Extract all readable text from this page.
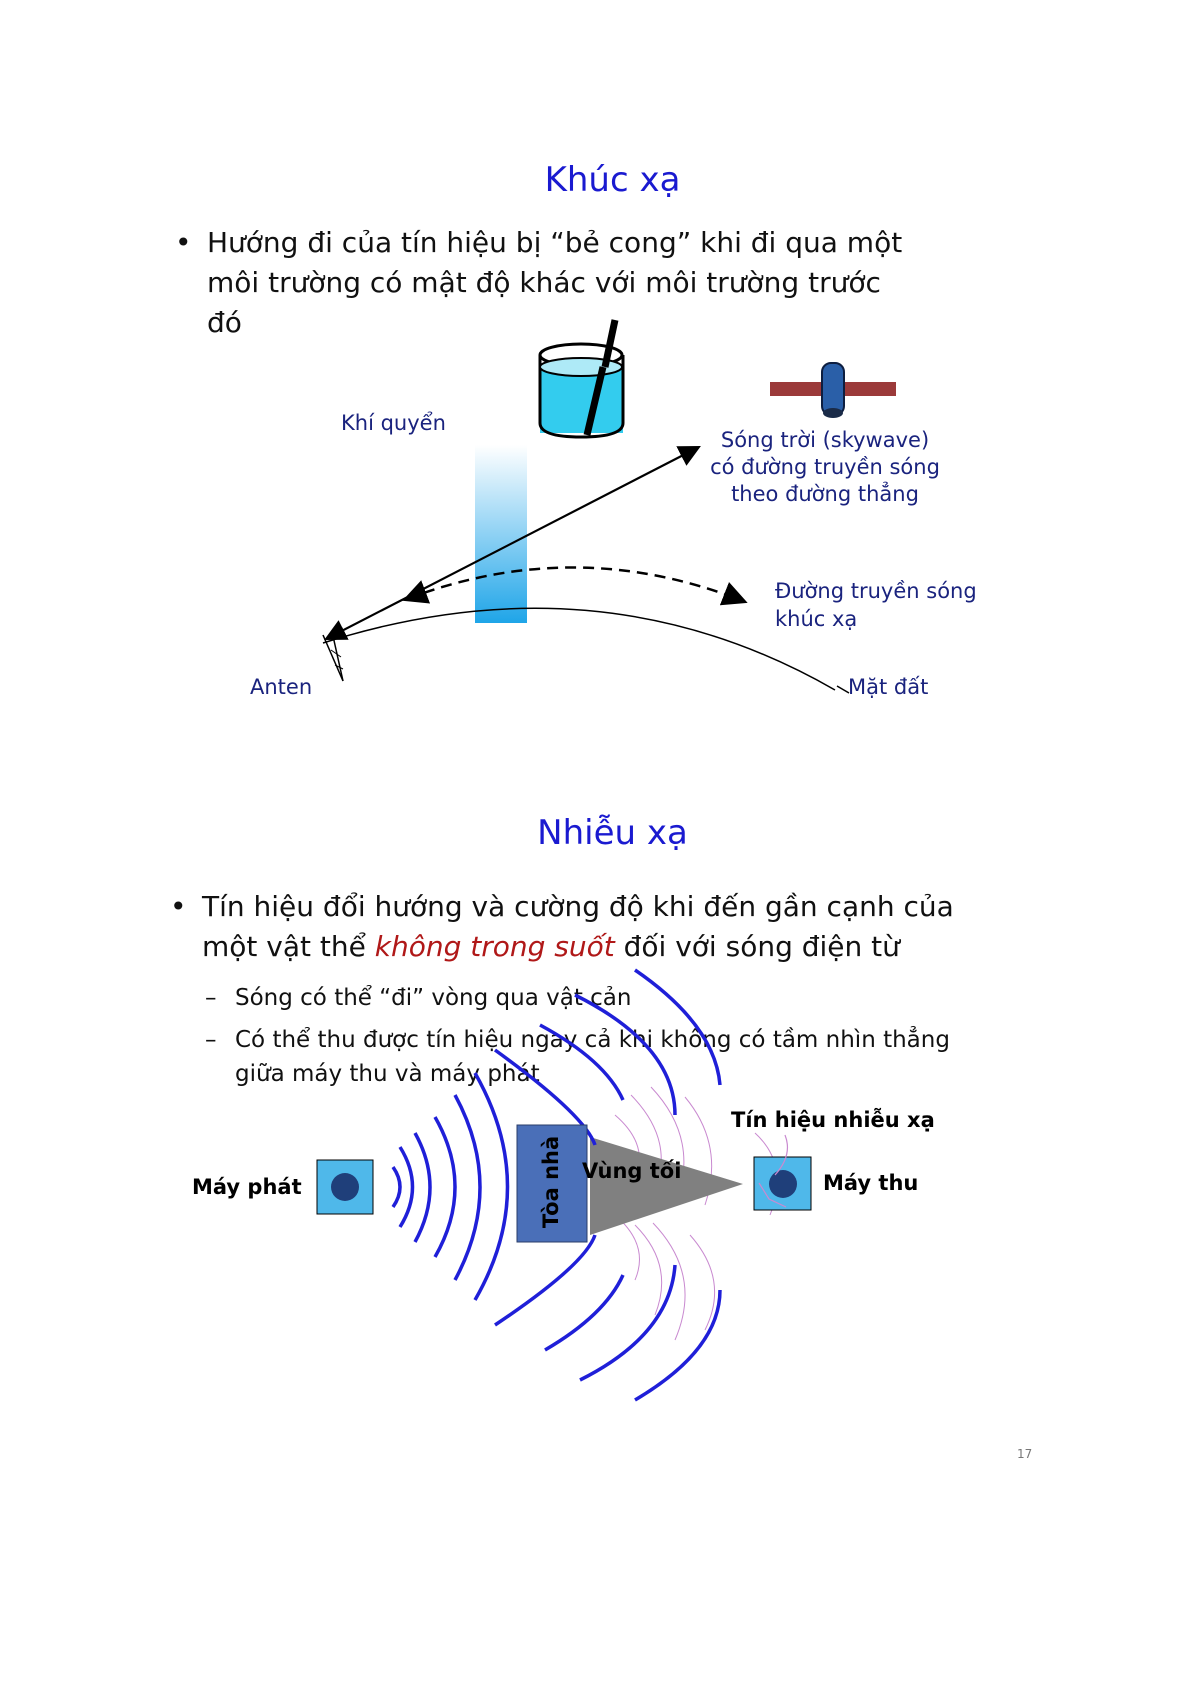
Khúc xạ
• Hướng đi của tín hiệu bị “bẻ cong” khi đi qua một
môi trường có mật độ khác với môi trường trước
đó
Khí quyển
Sóng trời (skywave)
có đường truyền sóng
theo đường thẳng
Đường truyền sóng
khúc xạ
Anten	Mặt đất
Nhiễu xạ
• Tín hiệu đổi hướng và cường độ khi đến gần cạnh của
một vật thể không trong suốt đối với sóng điện từ
– Sóng có thể “đi” vòng qua vật cản
– Có thể thu được tín hiệu ngay cả khi không có tầm nhìn thẳng
giữa máy thu và máy phát
Máy phát	Tòa nhà Vùng tối
Tín hiệu nhiễu xạ
Máy thu
17
